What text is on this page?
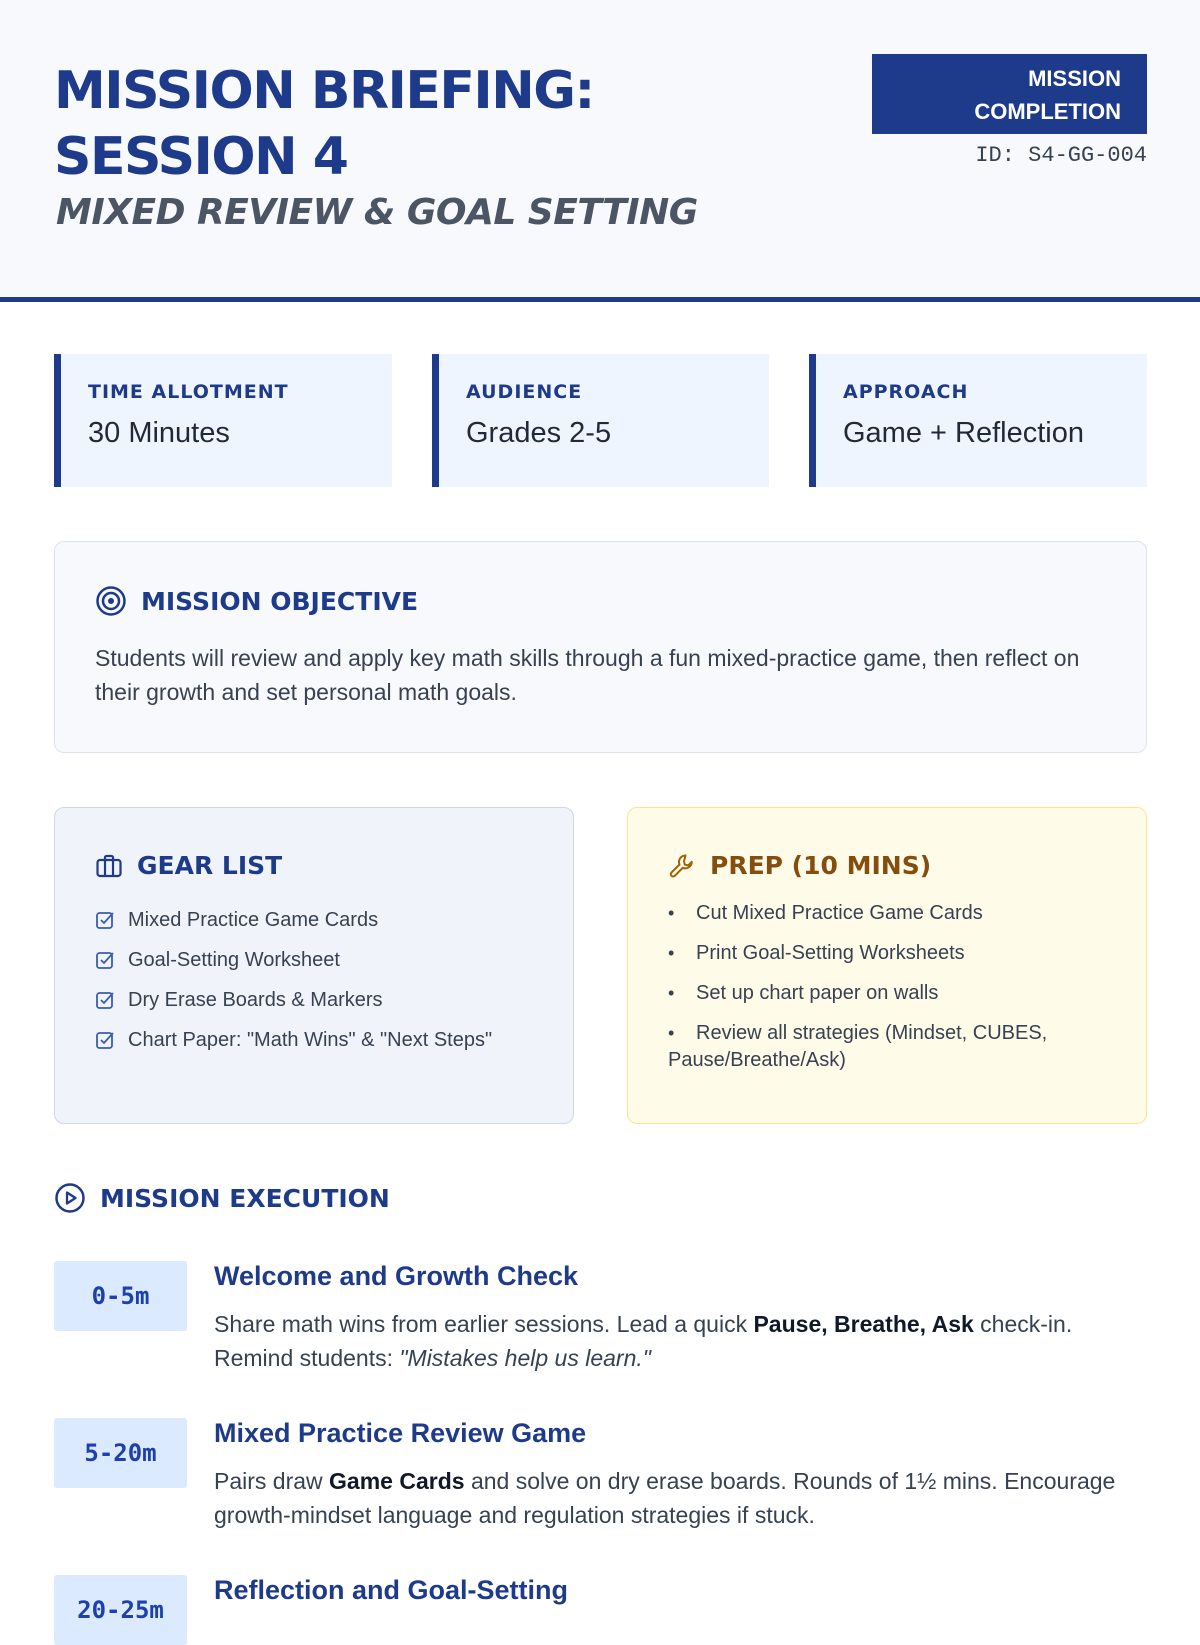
MISSION BRIEFING:
SESSION 4
MIXED REVIEW & GOAL SETTING
MISSION
COMPLETION
ID: S4-GG-004
TIME ALLOTMENT
30 Minutes
AUDIENCE
Grades 2-5
APPROACH
Game + Reflection
MISSION OBJECTIVE
Students will review and apply key math skills through a fun mixed-practice game, then reflect on their growth and set personal math goals.
GEAR LIST
Mixed Practice Game Cards
Goal-Setting Worksheet
Dry Erase Boards & Markers
Chart Paper: "Math Wins" & "Next Steps"
PREP (10 MINS)
• Cut Mixed Practice Game Cards
• Print Goal-Setting Worksheets
• Set up chart paper on walls
• Review all strategies (Mindset, CUBES, Pause/Breathe/Ask)
MISSION EXECUTION
0-5m
Welcome and Growth Check
Share math wins from earlier sessions. Lead a quick Pause, Breathe, Ask check-in. Remind students: "Mistakes help us learn."
5-20m
Mixed Practice Review Game
Pairs draw Game Cards and solve on dry erase boards. Rounds of 1½ mins. Encourage growth-mindset language and regulation strategies if stuck.
20-25m
Reflection and Goal-Setting
